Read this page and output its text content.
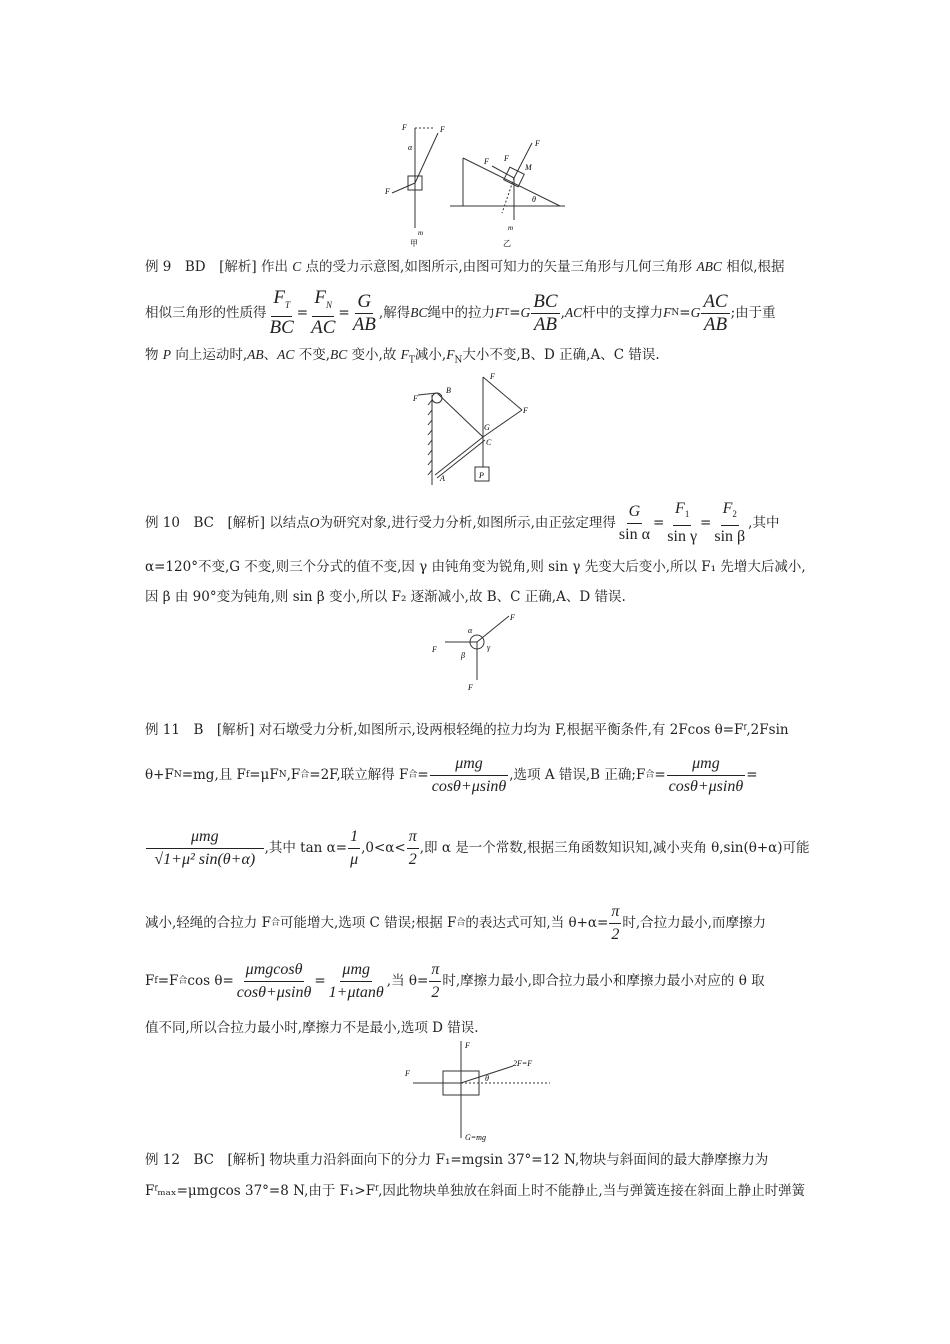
F	F
α
F
m
甲
F
F F
M
θ
m
乙
例 9　BD　[解析] 作出 C 点的受力示意图,如图所示,由图可知力的矢量三角形与几何三角形 ABC 相似,根据
相似三角形的性质得 $\frac{F_T}{BC} = \frac{F_N}{AC} = \frac{G}{AB}$ ,解得 BC 绳中的拉力 F T = G $\frac{BC}{AB}$ , AC 杆中的支撑力 F N = G $\frac{AC}{AB}$ ;由于重
物 P 向上运动时,AB、AC 不变,BC 变小,故 $F_T$减小$,F_N$大小不变,B、D 正确,A、C 错误.
F
F
F
B
G
C
A	P
例 10　BC　[解析] 以结点 O 为研究对象,进行受力分析,如图所示,由正弦定理得 $\frac{G}{\text{sin α}} = \frac{F_1}{\text{sin γ}} = \frac{F_2}{\text{sin β}}$ ,其中
α=120°不变,G 不变,则三个分式的值不变,因 γ 由钝角变为锐角,则 sin γ 先变大后变小,所以 F₁ 先增大后减小,
因 β 由 90°变为钝角,则 sin β 变小,所以 F₂ 逐渐减小,故 B、C 正确,A、D 错误.
F
F
α
β
γ
F
例 11　B　[解析] 对石墩受力分析,如图所示,设两根轻绳的拉力均为 F,根据平衡条件,有 2Fcos θ=Fᶠ,2Fsin
θ+F N =mg,且 F f =μF N ,F 合 =2F,联立解得 F 合 = $\frac{\text{μmg}}{\cos\theta+\mu\sin\theta}$ ,选项 A 错误,B 正确;F 合 = $\frac{\text{μmg}}{\cos\theta+\mu\sin\theta}$ =
$\frac{\text{μmg}}{\text{√1+μ² sin(θ+α)}}$ ,其中 $\tan \alpha= \frac{1}{\mu} ,0<\alpha< \frac{\pi}{2}$ ,即 α 是一个常数,根据三角函数知识知,减小夹角 θ,sin(θ+α)可能
减小,轻绳的合拉力 F 合 可能增大,选项 C 错误;根据 F 合 的表达式可知,当 $\theta+\alpha= \frac{\pi}{2}$ 时,合拉力最小,而摩擦力
F f =F 合 $\cos \theta= \frac{\text{μmgcosθ}}{\cos\theta+\mu\sin\theta} = \frac{\text{μmg}}{1+\mu\tan\theta}$ ,当 $\theta= \frac{\pi}{2}$ 时,摩擦力最小,即合拉力最小和摩擦力最小对应的 θ 取
值不同,所以合拉力最小时,摩擦力不是最小,选项 D 错误.
F
F
2F=F
θ
G=mg
例 12　BC　[解析] 物块重力沿斜面向下的分力 F₁=mgsin 37°=12 N,物块与斜面间的最大静摩擦力为
Fᶠₘₐₓ=μmgcos 37°=8 N,由于 F₁>Fᶠ,因此物块单独放在斜面上时不能静止,当与弹簧连接在斜面上静止时弹簧
